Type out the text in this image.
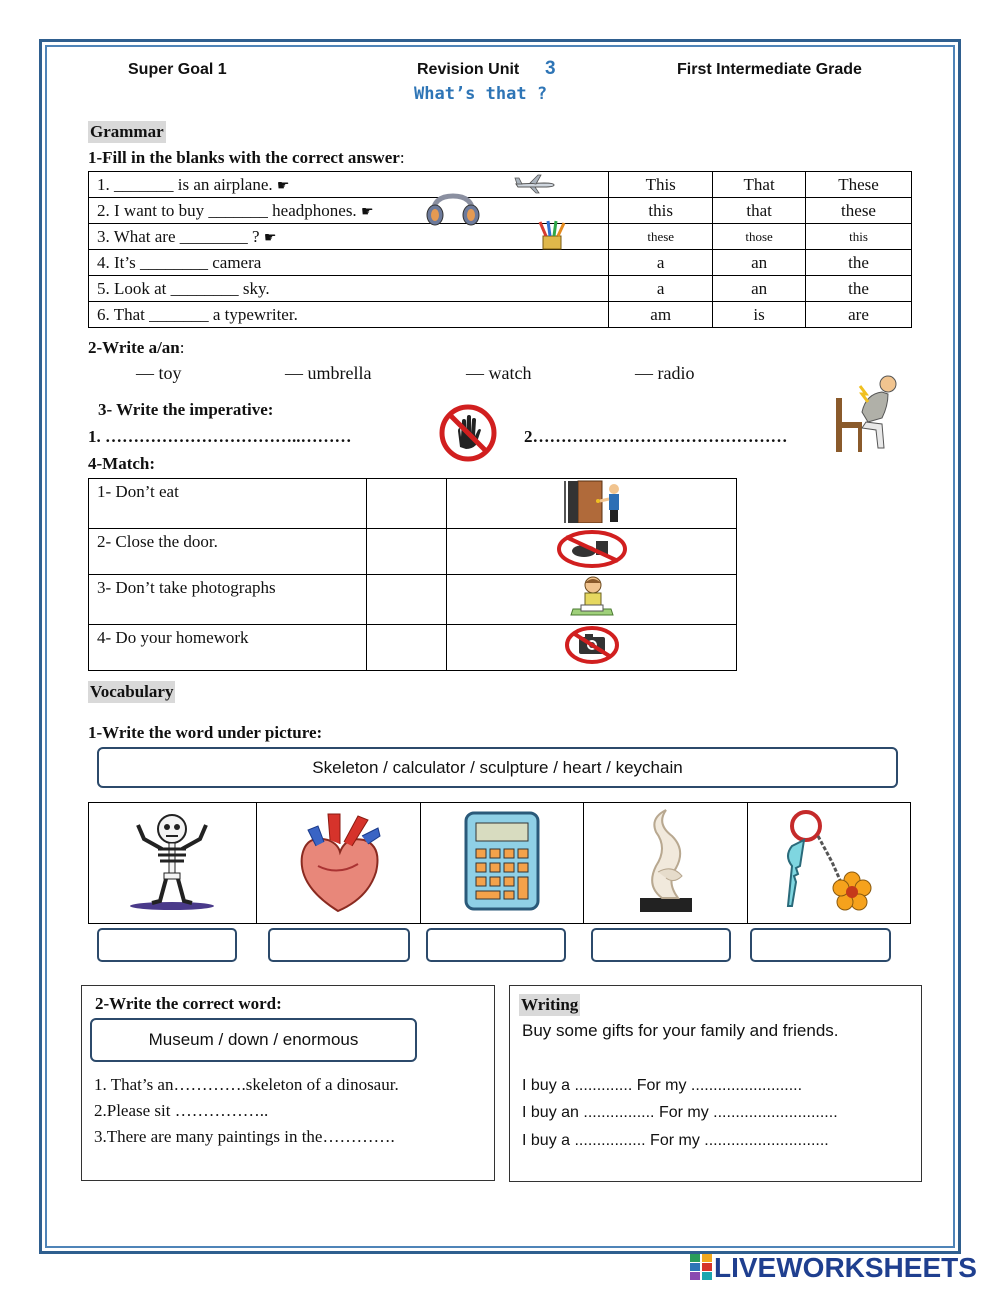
Super Goal 1	Revision Unit 3	First Intermediate Grade
What’s that ?
Grammar
1-Fill in the blanks with the correct answer:
1. _______ is an airplane. ☛	This	That	These
2. I want to buy _______ headphones. ☛	this	that	these
3. What are ________ ? ☛	these	those	this
4. It’s ________ camera	a	an	the
5. Look at ________ sky.	a	an	the
6. That _______ a typewriter.	am	is	are
2-Write a/an:
— toy	— umbrella	— watch	— radio
3- Write the imperative:
1. ……………………………..………	2………………………………………
4-Match:
1- Don’t eat		
2- Close the door.		
3- Don’t take photographs		
4- Do your homework		
Vocabulary
1-Write the word under picture:
Skeleton / calculator / sculpture / heart / keychain

2-Write the correct word:
Museum / down / enormous
1. That’s an………….skeleton of a dinosaur.
2.Please sit ……………..
3.There are many paintings in the………….
Writing
Buy some gifts for your family and friends.
I buy a ............. For my .........................
I buy an ................ For my ............................
I buy a ................ For my ............................
LIVEWORKSHEETS
